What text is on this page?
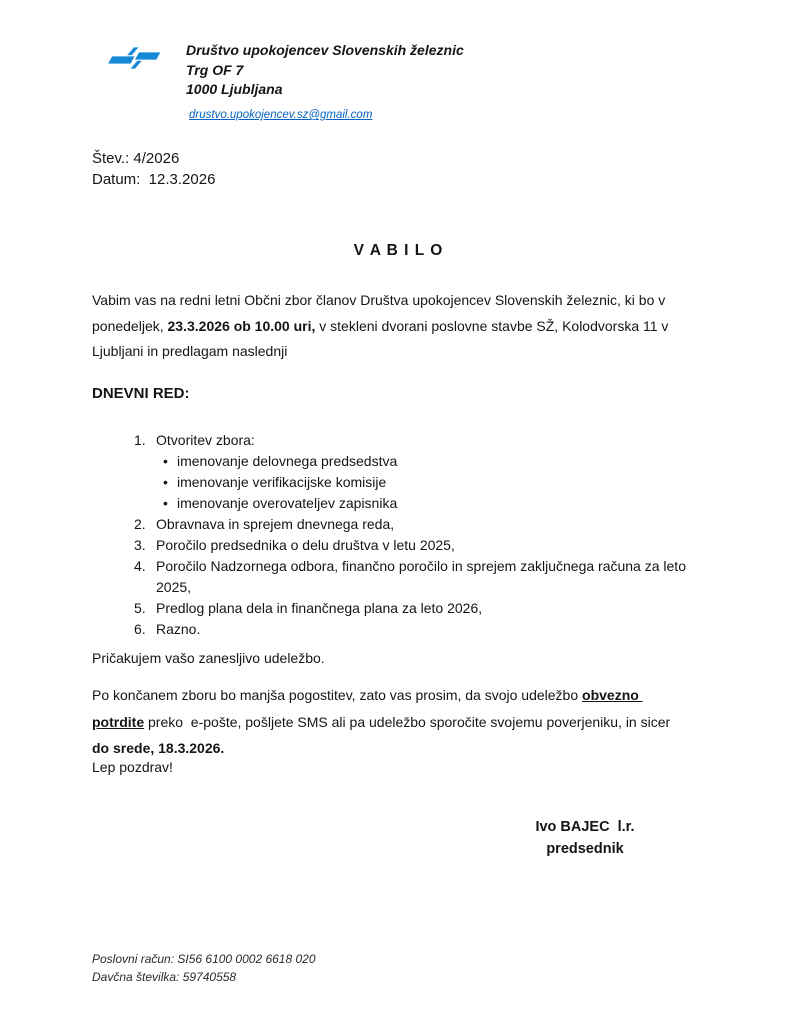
Društvo upokojencev Slovenskih železnic
Trg OF 7
1000 Ljubljana
drustvo.upokojencev.sz@gmail.com
Štev.: 4/2026
Datum:  12.3.2026
V A B I L O

Vabim vas na redni letni Občni zbor članov Društva upokojencev Slovenskih železnic, ki bo v ponedeljek, 23.3.2026 ob 10.00 uri, v stekleni dvorani poslovne stavbe SŽ, Kolodvorska 11 v Ljubljani in predlagam naslednji

DNEVNI RED:
1. Otvoritev zbora:
• imenovanje delovnega predsedstva
• imenovanje verifikacijske komisije
• imenovanje overovateljev zapisnika
2. Obravnava in sprejem dnevnega reda,
3. Poročilo predsednika o delu društva v letu 2025,
4. Poročilo Nadzornega odbora, finančno poročilo in sprejem zaključnega računa za leto 2025,
5. Predlog plana dela in finančnega plana za leto 2026,
6. Razno.

Pričakujem vašo zanesljivo udeležbo.

Po končanem zboru bo manjša pogostitev, zato vas prosim, da svojo udeležbo obvezno potrdite preko  e-pošte, pošljete SMS ali pa udeležbo sporočite svojemu poverjeniku, in sicer do srede, 18.3.2026.

Lep pozdrav!

Ivo BAJEC  l.r.
predsednik
Poslovni račun: SI56 6100 0002 6618 020
Davčna številka: 59740558
